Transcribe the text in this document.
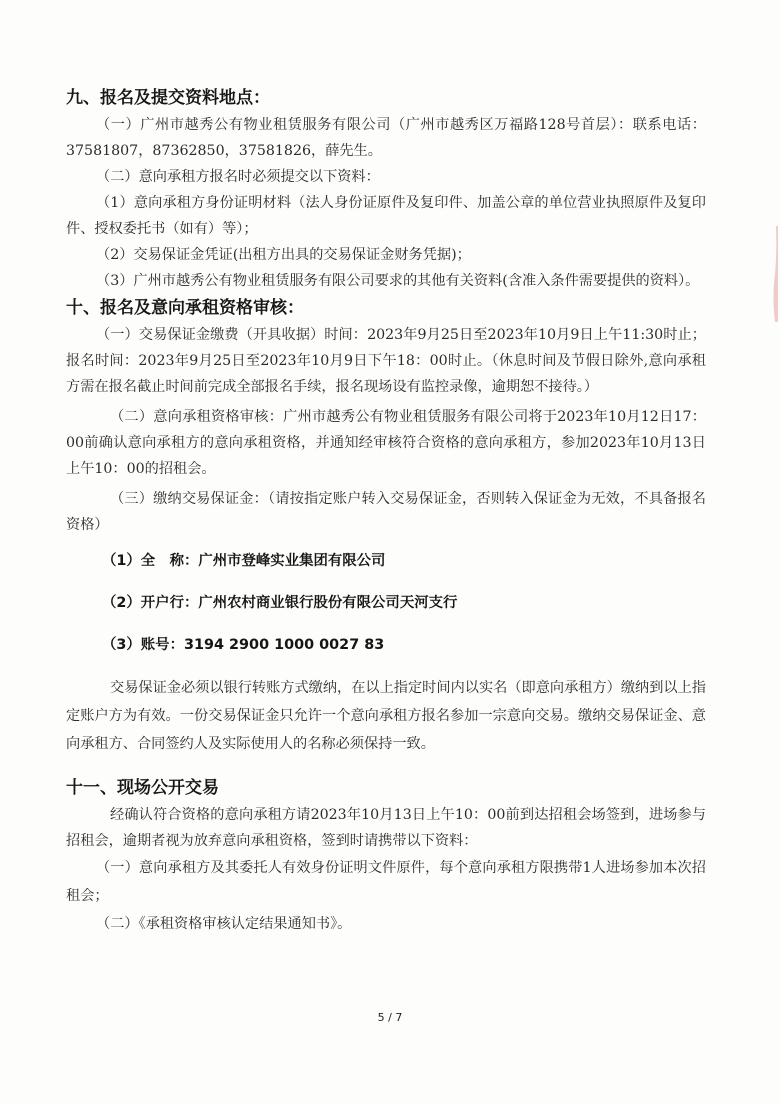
九、报名及提交资料地点：

（一）广州市越秀公有物业租赁服务有限公司（广州市越秀区万福路128号首层）：联系电话：37581807，87362850，37581826，薛先生。

（二）意向承租方报名时必须提交以下资料：

（1）意向承租方身份证明材料（法人身份证原件及复印件、加盖公章的单位营业执照原件及复印件、授权委托书（如有）等）；

（2）交易保证金凭证(出租方出具的交易保证金财务凭据)；

（3）广州市越秀公有物业租赁服务有限公司要求的其他有关资料(含准入条件需要提供的资料）。

十、报名及意向承租资格审核：

（一）交易保证金缴费（开具收据）时间：2023年9月25日至2023年10月9日上午11:30时止；报名时间：2023年9月25日至2023年10月9日下午18：00时止。（休息时间及节假日除外,意向承租方需在报名截止时间前完成全部报名手续，报名现场设有监控录像，逾期恕不接待。）

（二）意向承租资格审核：广州市越秀公有物业租赁服务有限公司将于2023年10月12日17：00前确认意向承租方的意向承租资格，并通知经审核符合资格的意向承租方，参加2023年10月13日上午10：00的招租会。

（三）缴纳交易保证金：（请按指定账户转入交易保证金，否则转入保证金为无效，不具备报名资格）

（1）全　称：广州市登峰实业集团有限公司

（2）开户行：广州农村商业银行股份有限公司天河支行

（3）账号：3194 2900 1000 0027 83

交易保证金必须以银行转账方式缴纳，在以上指定时间内以实名（即意向承租方）缴纳到以上指定账户方为有效。一份交易保证金只允许一个意向承租方报名参加一宗意向交易。缴纳交易保证金、意向承租方、合同签约人及实际使用人的名称必须保持一致。

十一、现场公开交易

经确认符合资格的意向承租方请2023年10月13日上午10：00前到达招租会场签到，进场参与招租会，逾期者视为放弃意向承租资格，签到时请携带以下资料：

（一）意向承租方及其委托人有效身份证明文件原件，每个意向承租方限携带1人进场参加本次招租会；

（二）《承租资格审核认定结果通知书》。

5 / 7
